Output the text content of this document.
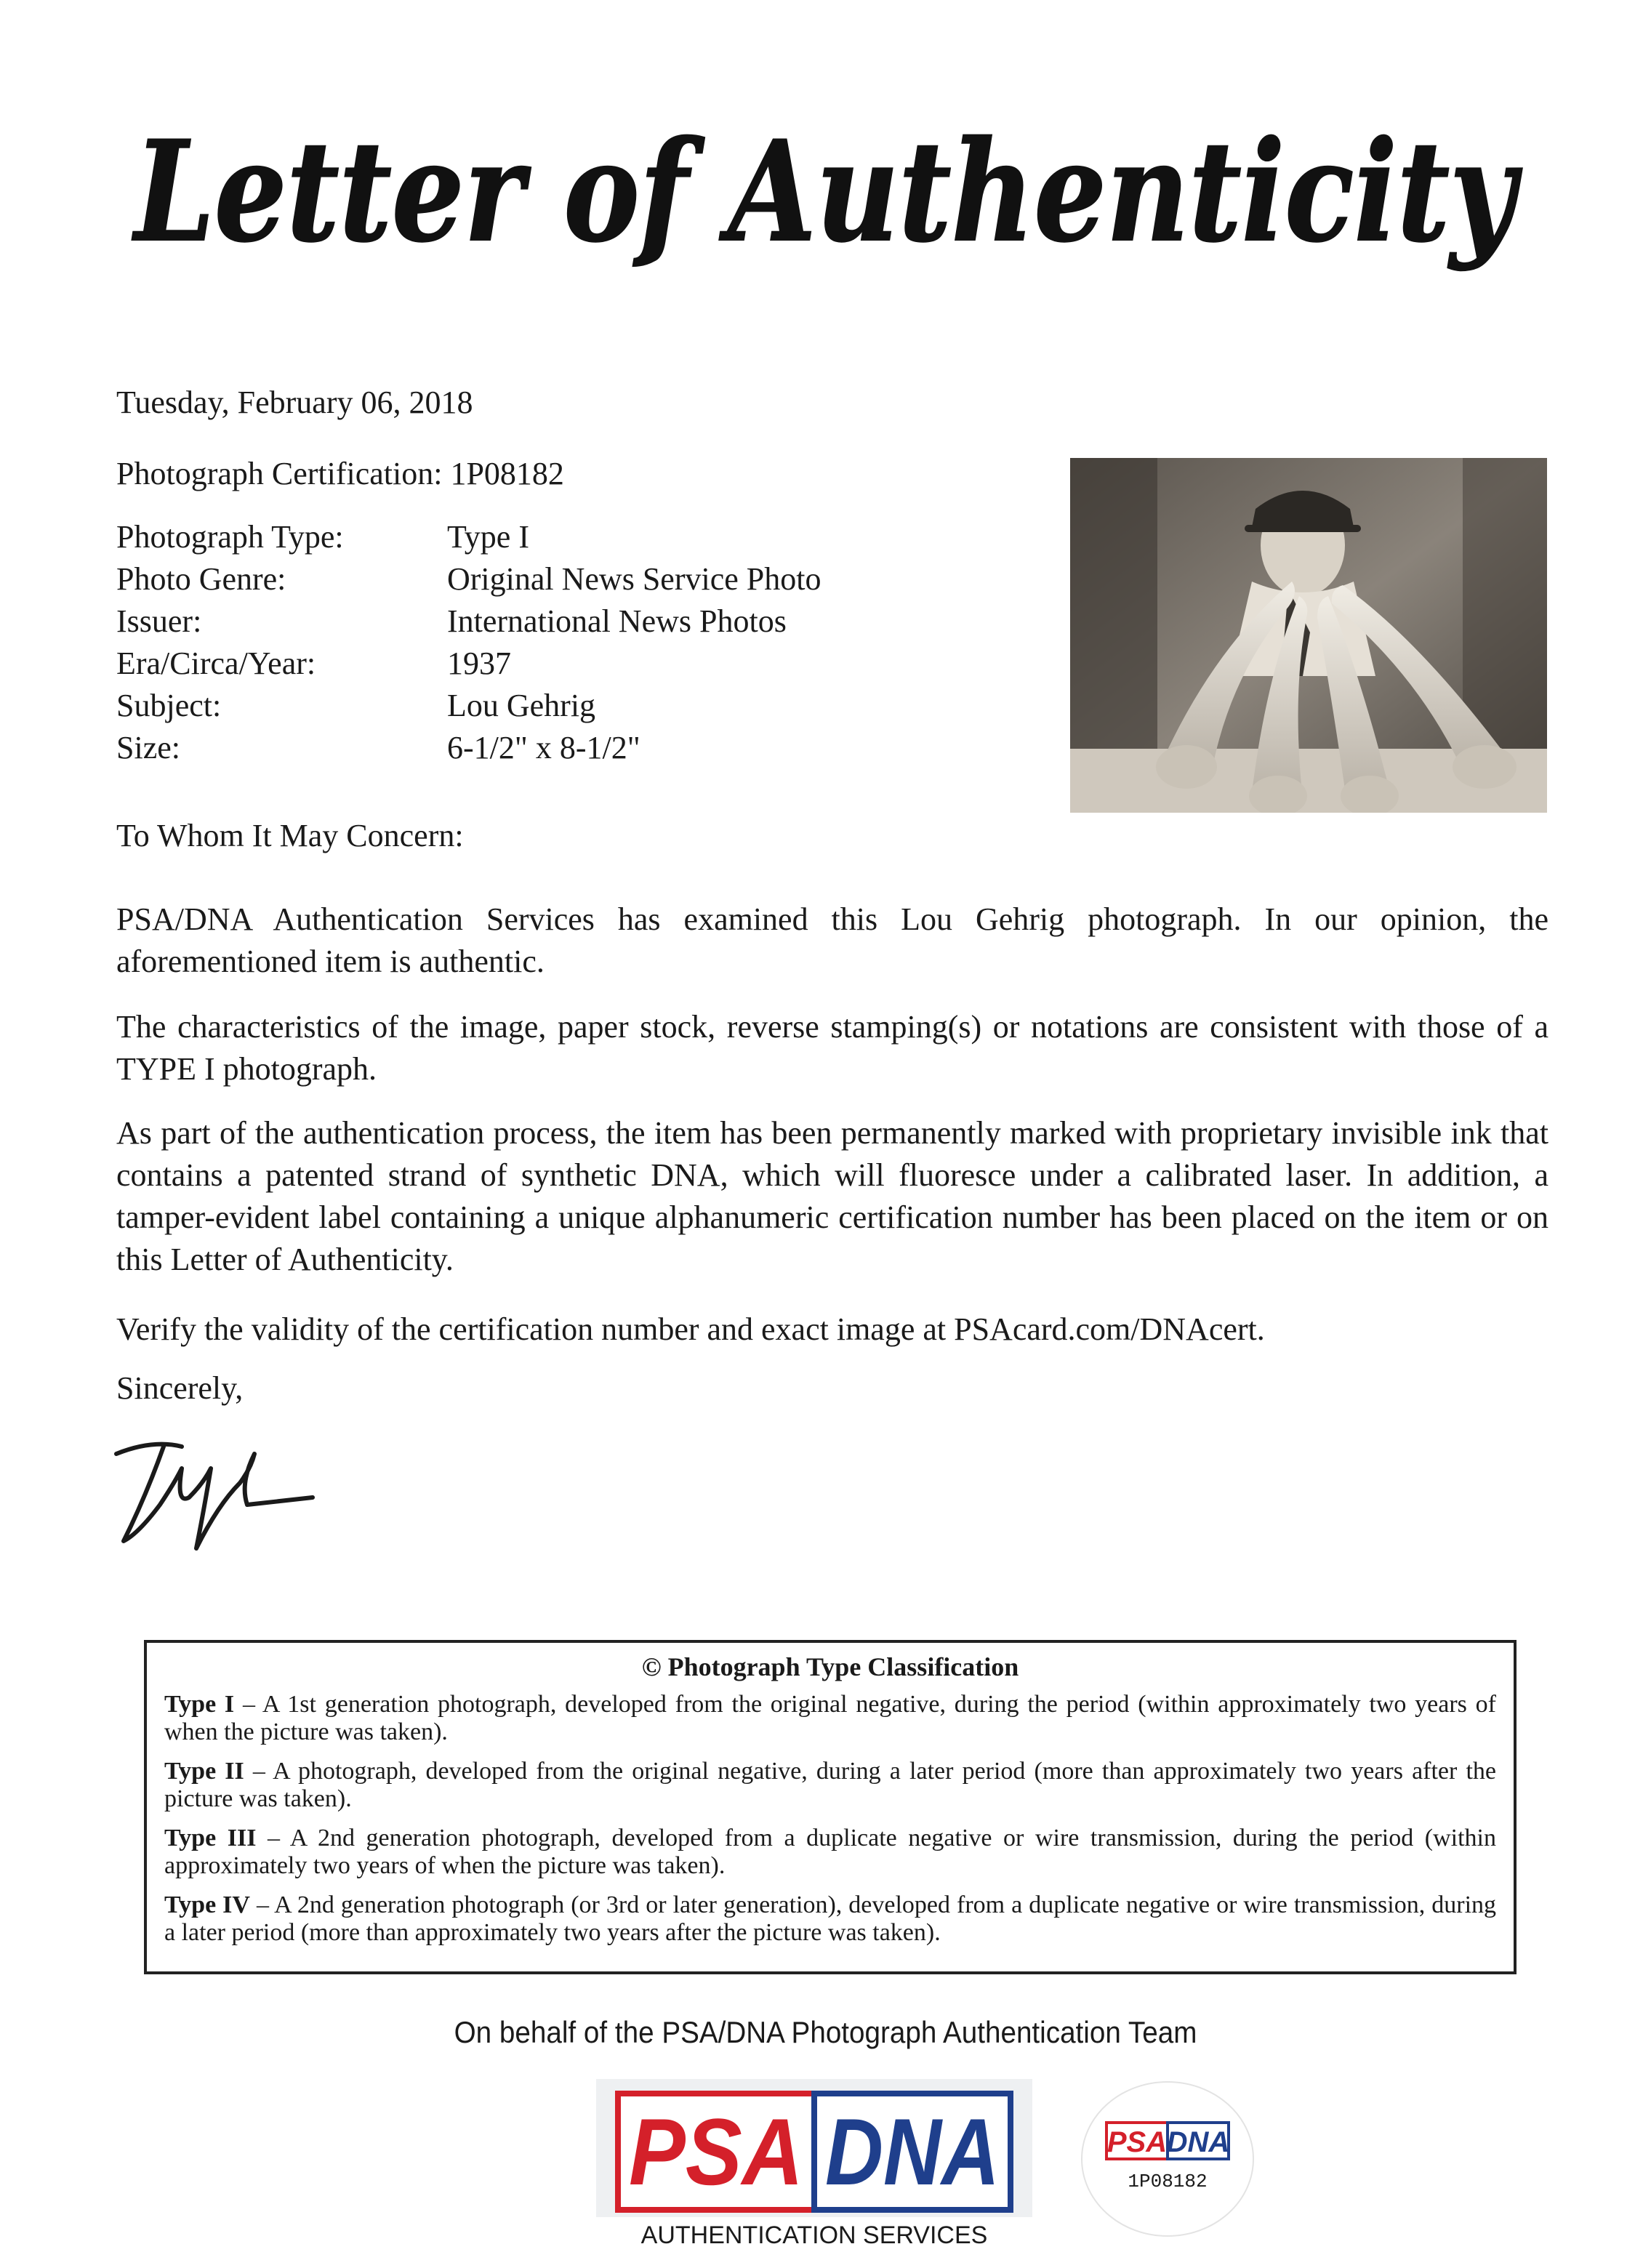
Letter of Authenticity
Tuesday, February 06, 2018
Photograph Certification: 1P08182
Photograph Type:	Type I
Photo Genre:	Original News Service Photo
Issuer:	International News Photos
Era/Circa/Year:	1937
Subject:	Lou Gehrig
Size:	6-1/2" x 8-1/2"
To Whom It May Concern:
PSA/DNA Authentication Services has examined this Lou Gehrig photograph. In our opinion, the aforementioned item is authentic.
The characteristics of the image, paper stock, reverse stamping(s) or notations are consistent with those of a TYPE I photograph.
As part of the authentication process, the item has been permanently marked with proprietary invisible ink that contains a patented strand of synthetic DNA, which will fluoresce under a calibrated laser. In addition, a tamper-evident label containing a unique alphanumeric certification number has been placed on the item or on this Letter of Authenticity.
Verify the validity of the certification number and exact image at PSAcard.com/DNAcert.
Sincerely,
© Photograph Type Classification
Type I – A 1st generation photograph, developed from the original negative, during the period (within approximately two years of when the picture was taken).
Type II – A photograph, developed from the original negative, during a later period (more than approximately two years after the picture was taken).
Type III – A 2nd generation photograph, developed from a duplicate negative or wire transmission, during the period (within approximately two years of when the picture was taken).
Type IV – A 2nd generation photograph (or 3rd or later generation), developed from a duplicate negative or wire transmission, during a later period (more than approximately two years after the picture was taken).
On behalf of the PSA/DNA Photograph Authentication Team
PSA DNA
AUTHENTICATION SERVICES
PSA DNA
1P08182
